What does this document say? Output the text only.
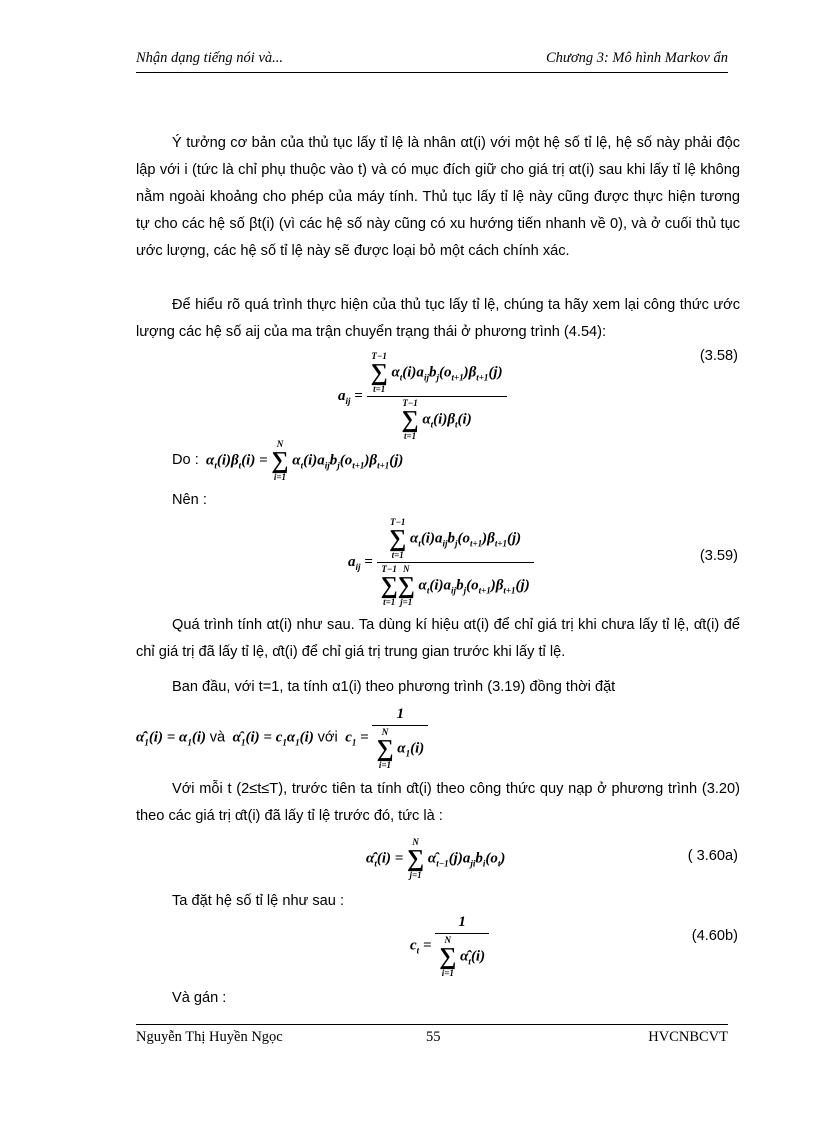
Nhận dạng tiếng nói và...	Chương 3: Mô hình Markov ẩn
Ý tưởng cơ bản của thủ tục lấy tỉ lệ là nhân αt(i) với một hệ số tỉ lệ, hệ số này phải độc lập với i (tức là chỉ phụ thuộc vào t) và có mục đích giữ cho giá trị αt(i) sau khi lấy tỉ lệ không nằm ngoài khoảng cho phép của máy tính. Thủ tục lấy tỉ lệ này cũng được thực hiện tương tự cho các hệ số βt(i) (vì các hệ số này cũng có xu hướng tiến nhanh về 0), và ở cuối thủ tục ước lượng, các hệ số tỉ lệ này sẽ được loại bỏ một cách chính xác.
Để hiểu rõ quá trình thực hiện của thủ tục lấy tỉ lệ, chúng ta hãy xem lại công thức ước lượng các hệ số aij của ma trận chuyển trạng thái ở phương trình (4.54):
$a_{ij} = T-1$
∑
t=1
$\alpha_t(i)a_{ij}b_j(o_{t+1})\beta_{t+1}(j)$
T−1
∑
t=1
$\alpha_t(i)\beta_t(i)$	(3.58)
Do : $\alpha_t(i)\beta_t(i)$ =
N
∑
i=1
$\alpha_t(i)a_{ij}b_j(o_{t+1})\beta_{t+1}(j)$
Nên :
$a_{ij} = T-1$
∑
t=1
$\alpha_t(i)a_{ij}b_j(o_{t+1})\beta_{t+1}(j)$
T−1
∑
t=1
N
∑
j=1
$\alpha_t(i)a_{ij}b_j(o_{t+1})\beta_{t+1}(j)$	(3.59)
Quá trình tính αt(i) như sau. Ta dùng kí hiệu αt(i) để chỉ giá trị khi chưa lấy tỉ lệ, α̂t(i) để chỉ giá trị đã lấy tỉ lệ, α̂̂t(i) để chỉ giá trị trung gian trước khi lấy tỉ lệ.
Ban đầu, với t=1, ta tính α1(i) theo phương trình (3.19) đồng thời đặt
$\alphâ̂_1(i) = \alpha_1(i)$ và  $\alphâ_1(i) = c_1\alpha_1(i)$ với  $c_1 = 1$
N
∑
i=1
$\alpha_1(i)$
Với mỗi t (2≤t≤T), trước tiên ta tính α̂̂t(i) theo công thức quy nạp ở phương trình (3.20) theo các giá trị α̂t(i) đã lấy tỉ lệ trước đó, tức là :
$\alphâ̂_t(i)$ =
N
∑
j=1
$\alphâ_{t-1}(j)a_{ji}b_i(o_t)$	( 3.60a)
Ta đặt hệ số tỉ lệ như sau :
$c_t = 1$
N
∑
i=1
$\alphâ̂_t(i)$	(4.60b)
Và gán :
Nguyễn Thị Huyền Ngọc	55	HVCNBCVT
